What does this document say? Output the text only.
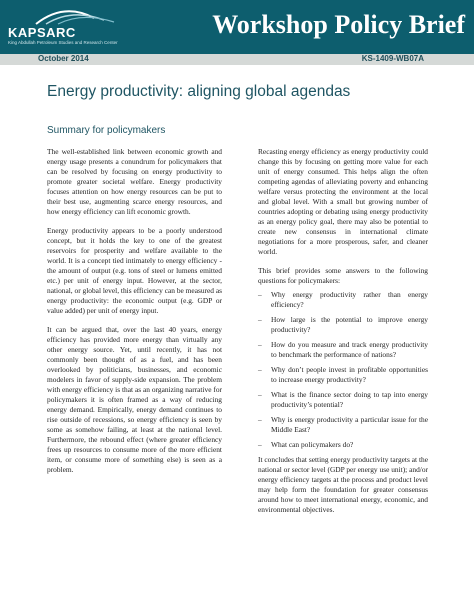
KAPSARC
King Abdullah Petroleum Studies and Research Center
Workshop Policy Brief
October 2014	KS-1409-WB07A
Energy productivity: aligning global agendas
Summary for policymakers

The well-established link between economic growth and energy usage presents a conundrum for policymakers that can be resolved by focusing on energy productivity to promote greater societal welfare. Energy productivity focuses attention on how energy resources can be put to their best use, augmenting scarce energy resources, and how energy efficiency can lift economic growth.

Energy productivity appears to be a poorly understood concept, but it holds the key to one of the greatest reservoirs for prosperity and welfare available to the world. It is a concept tied intimately to energy efficiency - the amount of output (e.g. tons of steel or lumens emitted etc.) per unit of energy input. However, at the sector, national, or global level, this efficiency can be measured as energy productivity: the economic output (e.g. GDP or value added) per unit of energy input.

It can be argued that, over the last 40 years, energy efficiency has provided more energy than virtually any other energy source. Yet, until recently, it has not commonly been thought of as a fuel, and has been overlooked by politicians, businesses, and economic modelers in favor of supply-side expansion. The problem with energy efficiency is that as an organizing narrative for policymakers it is often framed as a way of reducing energy demand. Empirically, energy demand continues to rise outside of recessions, so energy efficiency is seen by some as somehow failing, at least at the national level. Furthermore, the rebound effect (where greater efficiency frees up resources to consume more of the more efficient item, or consume more of something else) is seen as a problem.

Recasting energy efficiency as energy productivity could change this by focusing on getting more value for each unit of energy consumed. This helps align the often competing agendas of alleviating poverty and enhancing welfare versus protecting the environment at the local and global level. With a small but growing number of countries adopting or debating using energy productivity as an energy policy goal, there may also be potential to create new consensus in international climate negotiations for a more prosperous, safer, and cleaner world.

This brief provides some answers to the following questions for policymakers:

– Why energy productivity rather than energy efficiency?
– How large is the potential to improve energy productivity?
– How do you measure and track energy productivity to benchmark the performance of nations?
– Why don’t people invest in profitable opportunities to increase energy productivity?
– What is the finance sector doing to tap into energy productivity’s potential?
– Why is energy productivity a particular issue for the Middle East?
– What can policymakers do?

It concludes that setting energy productivity targets at the national or sector level (GDP per energy use unit); and/or energy efficiency targets at the process and product level may help form the foundation for greater consensus around how to meet international energy, economic, and environmental objectives.
